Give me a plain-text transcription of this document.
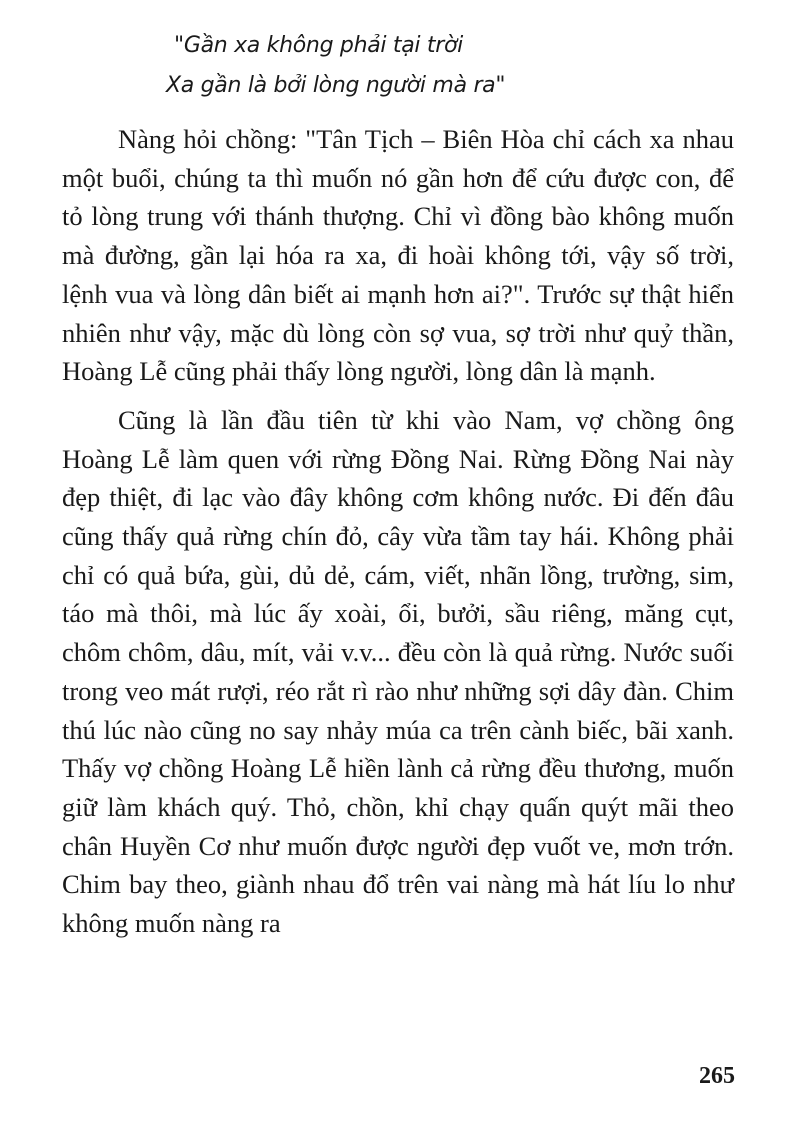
"Gần xa không phải tại trời
Xa gần là bởi lòng người mà ra"

Nàng hỏi chồng: "Tân Tịch – Biên Hòa chỉ cách xa nhau một buổi, chúng ta thì muốn nó gần hơn để cứu được con, để tỏ lòng trung với thánh thượng. Chỉ vì đồng bào không muốn mà đường, gần lại hóa ra xa, đi hoài không tới, vậy số trời, lệnh vua và lòng dân biết ai mạnh hơn ai?". Trước sự thật hiển nhiên như vậy, mặc dù lòng còn sợ vua, sợ trời như quỷ thần, Hoàng Lễ cũng phải thấy lòng người, lòng dân là mạnh.

Cũng là lần đầu tiên từ khi vào Nam, vợ chồng ông Hoàng Lễ làm quen với rừng Đồng Nai. Rừng Đồng Nai này đẹp thiệt, đi lạc vào đây không cơm không nước. Đi đến đâu cũng thấy quả rừng chín đỏ, cây vừa tầm tay hái. Không phải chỉ có quả bứa, gùi, dủ dẻ, cám, viết, nhãn lồng, trường, sim, táo mà thôi, mà lúc ấy xoài, ổi, bưởi, sầu riêng, măng cụt, chôm chôm, dâu, mít, vải v.v... đều còn là quả rừng. Nước suối trong veo mát rượi, réo rắt rì rào như những sợi dây đàn. Chim thú lúc nào cũng no say nhảy múa ca trên cành biếc, bãi xanh. Thấy vợ chồng Hoàng Lễ hiền lành cả rừng đều thương, muốn giữ làm khách quý. Thỏ, chồn, khỉ chạy quấn quýt mãi theo chân Huyền Cơ như muốn được người đẹp vuốt ve, mơn trớn. Chim bay theo, giành nhau đổ trên vai nàng mà hát líu lo như không muốn nàng ra

265
